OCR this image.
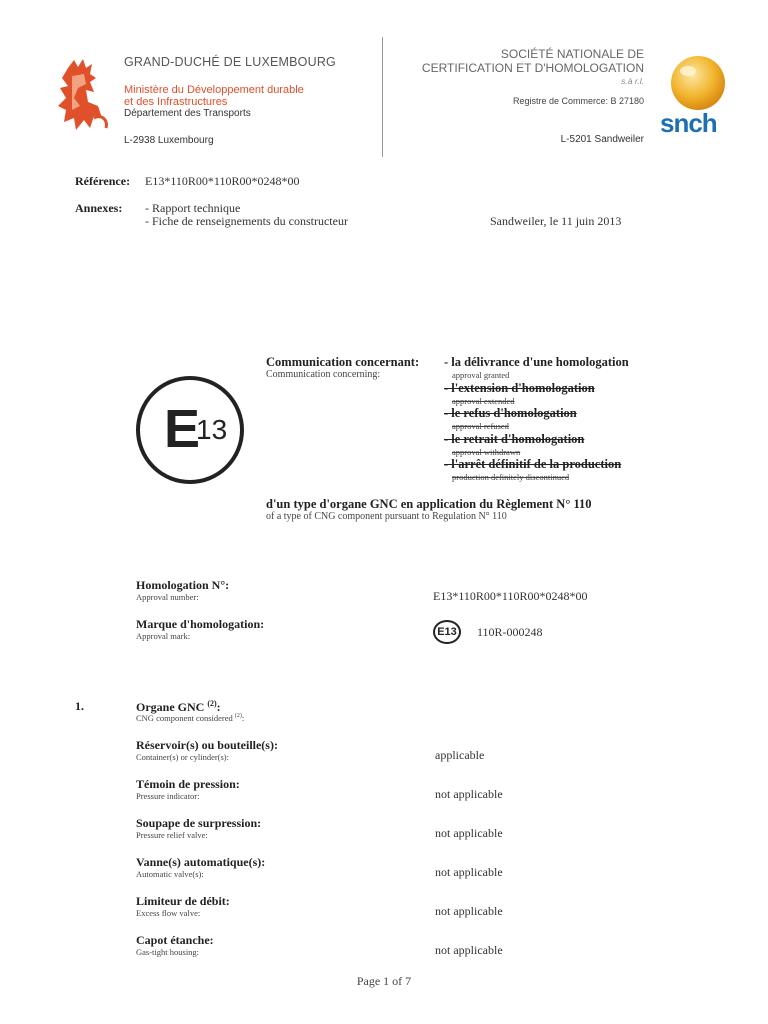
GRAND-DUCHÉ DE LUXEMBOURG
Ministère du Développement durable
et des Infrastructures
Département des Transports
L-2938 Luxembourg
SOCIÉTÉ NATIONALE DE
CERTIFICATION ET D'HOMOLOGATION
s.à r.l.
Registre de Commerce: B 27180
L-5201 Sandweiler
snch
Référence: E13*110R00*110R00*0248*00
Annexes: - Rapport technique
- Fiche de renseignements du constructeur	Sandweiler, le 11 juin 2013
E
13
Communication concernant:
Communication concerning:
- la délivrance d'une homologation
approval granted
- l'extension d'homologation
approval extended
- le refus d'homologation
approval refused
- le retrait d'homologation
approval withdrawn
- l'arrêt définitif de la production
production definitely discontinued
d'un type d'organe GNC en application du Règlement N° 110
of a type of CNG component pursuant to Regulation N° 110
Homologation N°:
Approval number:	E13*110R00*110R00*0248*00
Marque d'homologation:
Approval mark:	E13	110R-000248
1.	Organe GNC $^{(2)}$:
CNG component considered $^{(2)}$:
Réservoir(s) ou bouteille(s):
Container(s) or cylinder(s):	applicable
Témoin de pression:
Pressure indicator:	not applicable
Soupape de surpression:
Pressure relief valve:	not applicable
Vanne(s) automatique(s):
Automatic valve(s):	not applicable
Limiteur de débit:
Excess flow valve:	not applicable
Capot étanche:
Gas-tight housing:	not applicable
Page 1 of 7
